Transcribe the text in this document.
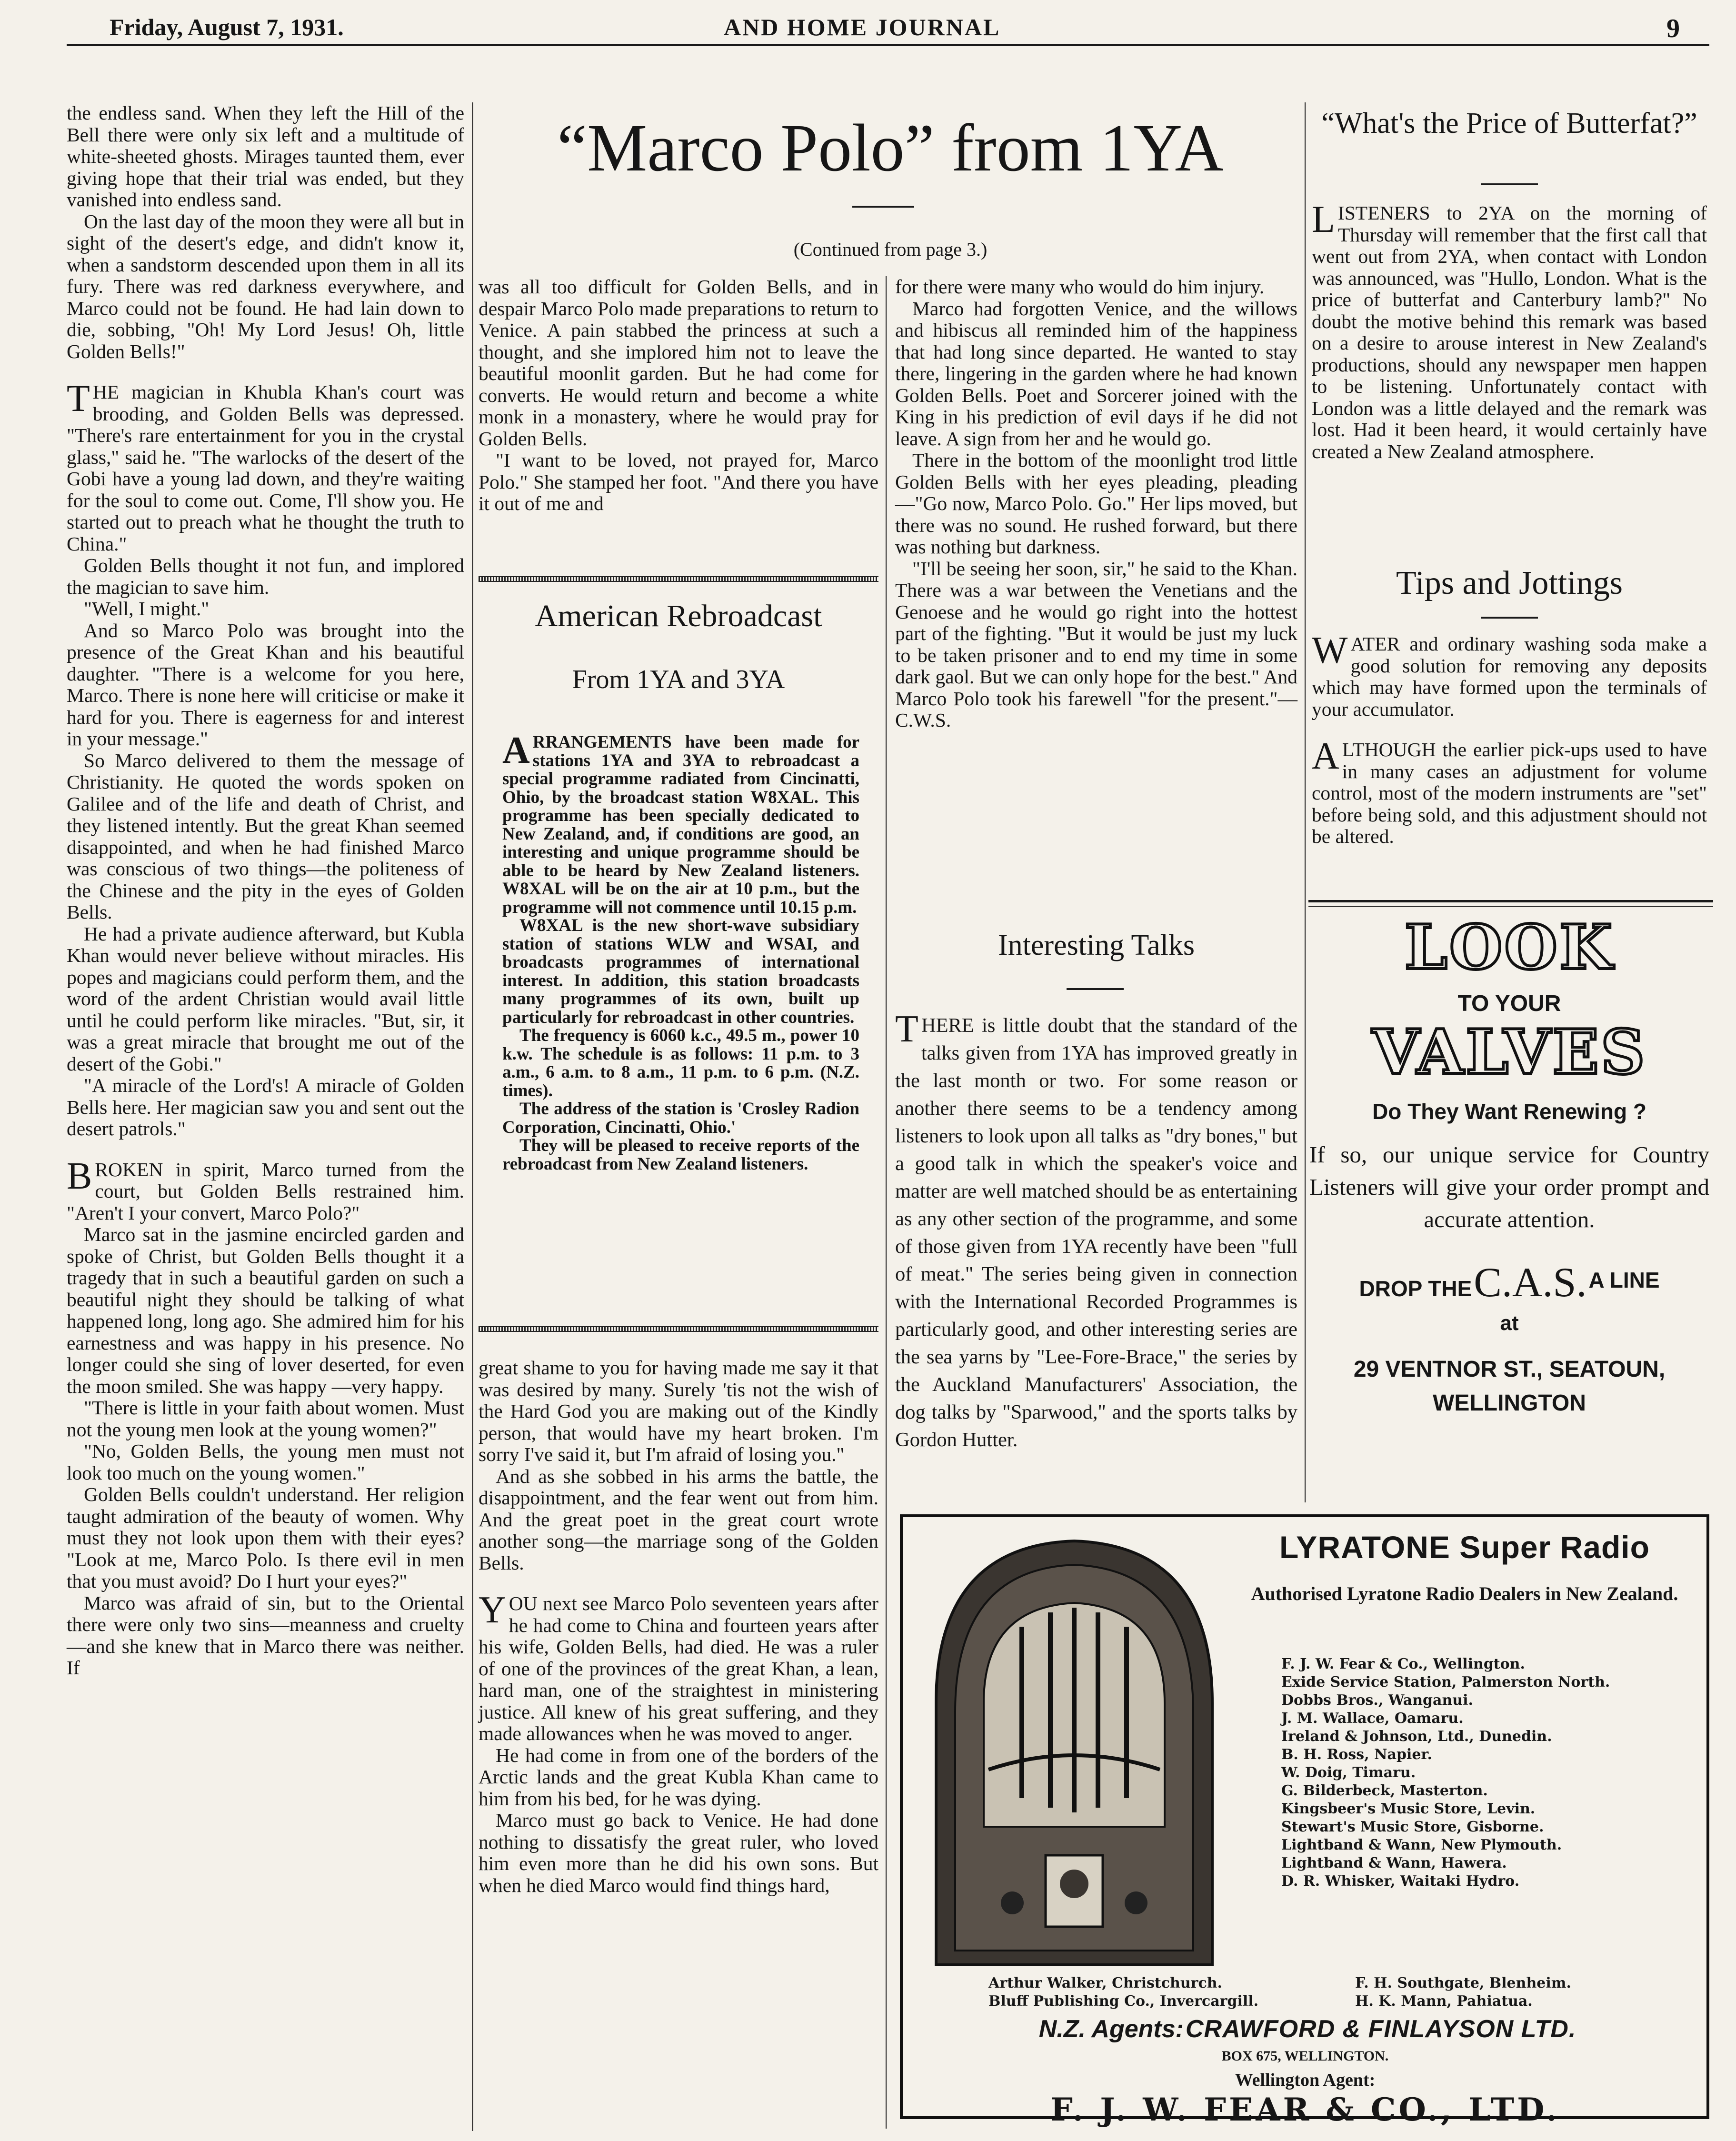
Friday, August 7, 1931.	AND HOME JOURNAL	9

the endless sand. When they left the Hill of the Bell there were only six left and a multitude of white-sheeted ghosts. Mirages taunted them, ever giving hope that their trial was ended, but they vanished into endless sand.

On the last day of the moon they were all but in sight of the desert's edge, and didn't know it, when a sandstorm descended upon them in all its fury. There was red darkness everywhere, and Marco could not be found. He had lain down to die, sobbing, "Oh! My Lord Jesus! Oh, little Golden Bells!"

THE magician in Khubla Khan's court was brooding, and Golden Bells was depressed. "There's rare entertainment for you in the crystal glass," said he. "The warlocks of the desert of the Gobi have a young lad down, and they're waiting for the soul to come out. Come, I'll show you. He started out to preach what he thought the truth to China."

Golden Bells thought it not fun, and implored the magician to save him.

"Well, I might."

And so Marco Polo was brought into the presence of the Great Khan and his beautiful daughter. "There is a welcome for you here, Marco. There is none here will criticise or make it hard for you. There is eagerness for and interest in your message."

So Marco delivered to them the message of Christianity. He quoted the words spoken on Galilee and of the life and death of Christ, and they listened intently. But the great Khan seemed disappointed, and when he had finished Marco was conscious of two things—the politeness of the Chinese and the pity in the eyes of Golden Bells.

He had a private audience afterward, but Kubla Khan would never believe without miracles. His popes and magicians could perform them, and the word of the ardent Christian would avail little until he could perform like miracles. "But, sir, it was a great miracle that brought me out of the desert of the Gobi."

"A miracle of the Lord's! A miracle of Golden Bells here. Her magician saw you and sent out the desert patrols."

BROKEN in spirit, Marco turned from the court, but Golden Bells restrained him. "Aren't I your convert, Marco Polo?"

Marco sat in the jasmine encircled garden and spoke of Christ, but Golden Bells thought it a tragedy that in such a beautiful garden on such a beautiful night they should be talking of what happened long, long ago. She admired him for his earnestness and was happy in his presence. No longer could she sing of lover deserted, for even the moon smiled. She was happy —very happy.

"There is little in your faith about women. Must not the young men look at the young women?"

"No, Golden Bells, the young men must not look too much on the young women."

Golden Bells couldn't understand. Her religion taught admiration of the beauty of women. Why must they not look upon them with their eyes? "Look at me, Marco Polo. Is there evil in men that you must avoid? Do I hurt your eyes?"

Marco was afraid of sin, but to the Oriental there were only two sins—meanness and cruelty—and she knew that in Marco there was neither. If

“Marco Polo” from 1YA
(Continued from page 3.)

was all too difficult for Golden Bells, and in despair Marco Polo made preparations to return to Venice. A pain stabbed the princess at such a thought, and she implored him not to leave the beautiful moonlit garden. But he had come for converts. He would return and become a white monk in a monastery, where he would pray for Golden Bells.

"I want to be loved, not prayed for, Marco Polo." She stamped her foot. "And there you have it out of me and

for there were many who would do him injury.

Marco had forgotten Venice, and the willows and hibiscus all reminded him of the happiness that had long since departed. He wanted to stay there, lingering in the garden where he had known Golden Bells. Poet and Sorcerer joined with the King in his prediction of evil days if he did not leave. A sign from her and he would go.

There in the bottom of the moonlight trod little Golden Bells with her eyes pleading, pleading—"Go now, Marco Polo. Go." Her lips moved, but there was no sound. He rushed forward, but there was nothing but darkness.

"I'll be seeing her soon, sir," he said to the Khan. There was a war between the Venetians and the Genoese and he would go right into the hottest part of the fighting. "But it would be just my luck to be taken prisoner and to end my time in some dark gaol. But we can only hope for the best." And Marco Polo took his farewell "for the present."—C.W.S.

American Rebroadcast
From 1YA and 3YA

ARRANGEMENTS have been made for stations 1YA and 3YA to rebroadcast a special programme radiated from Cincinatti, Ohio, by the broadcast station W8XAL. This programme has been specially dedicated to New Zealand, and, if conditions are good, an interesting and unique programme should be able to be heard by New Zealand listeners. W8XAL will be on the air at 10 p.m., but the programme will not commence until 10.15 p.m.

W8XAL is the new short-wave subsidiary station of stations WLW and WSAI, and broadcasts programmes of international interest. In addition, this station broadcasts many programmes of its own, built up particularly for rebroadcast in other countries.

The frequency is 6060 k.c., 49.5 m., power 10 k.w. The schedule is as follows: 11 p.m. to 3 a.m., 6 a.m. to 8 a.m., 11 p.m. to 6 p.m. (N.Z. times).

The address of the station is 'Crosley Radion Corporation, Cincinatti, Ohio.'

They will be pleased to receive reports of the rebroadcast from New Zealand listeners.

great shame to you for having made me say it that was desired by many. Surely 'tis not the wish of the Hard God you are making out of the Kindly person, that would have my heart broken. I'm sorry I've said it, but I'm afraid of losing you."

And as she sobbed in his arms the battle, the disappointment, and the fear went out from him. And the great poet in the great court wrote another song—the marriage song of the Golden Bells.

YOU next see Marco Polo seventeen years after he had come to China and fourteen years after his wife, Golden Bells, had died. He was a ruler of one of the provinces of the great Khan, a lean, hard man, one of the straightest in ministering justice. All knew of his great suffering, and they made allowances when he was moved to anger.

He had come in from one of the borders of the Arctic lands and the great Kubla Khan came to him from his bed, for he was dying.

Marco must go back to Venice. He had done nothing to dissatisfy the great ruler, who loved him even more than he did his own sons. But when he died Marco would find things hard,

Interesting Talks

THERE is little doubt that the standard of the talks given from 1YA has improved greatly in the last month or two. For some reason or another there seems to be a tendency among listeners to look upon all talks as "dry bones," but a good talk in which the speaker's voice and matter are well matched should be as entertaining as any other section of the programme, and some of those given from 1YA recently have been "full of meat." The series being given in connection with the International Recorded Programmes is particularly good, and other interesting series are the sea yarns by "Lee-Fore-Brace," the series by the Auckland Manufacturers' Association, the dog talks by "Sparwood," and the sports talks by Gordon Hutter.

“What's the Price of Butterfat?”

LISTENERS to 2YA on the morning of Thursday will remember that the first call that went out from 2YA, when contact with London was announced, was "Hullo, London. What is the price of butterfat and Canterbury lamb?" No doubt the motive behind this remark was based on a desire to arouse interest in New Zealand's productions, should any newspaper men happen to be listening. Unfortunately contact with London was a little delayed and the remark was lost. Had it been heard, it would certainly have created a New Zealand atmosphere.

Tips and Jottings

WATER and ordinary washing soda make a good solution for removing any deposits which may have formed upon the terminals of your accumulator.

ALTHOUGH the earlier pick-ups used to have in many cases an adjustment for volume control, most of the modern instruments are "set" before being sold, and this adjustment should not be altered.

LOOK
TO YOUR
VALVES
Do They Want Renewing ?
If so, our unique service for Country Listeners will give your order prompt and accurate attention.
DROP THE C.A.S. A LINE
at
29 VENTNOR ST., SEATOUN,
WELLINGTON
LYRATONE Super Radio
Authorised Lyratone Radio Dealers in New Zealand.
F. J. W. Fear & Co., Wellington.
Exide Service Station, Palmerston North.
Dobbs Bros., Wanganui.
J. M. Wallace, Oamaru.
Ireland & Johnson, Ltd., Dunedin.
B. H. Ross, Napier.
W. Doig, Timaru.
G. Bilderbeck, Masterton.
Kingsbeer's Music Store, Levin.
Stewart's Music Store, Gisborne.
Lightband & Wann, New Plymouth.
Lightband & Wann, Hawera.
D. R. Whisker, Waitaki Hydro.
Arthur Walker, Christchurch.
Bluff Publishing Co., Invercargill.
F. H. Southgate, Blenheim.
H. K. Mann, Pahiatua.
N.Z. Agents: CRAWFORD & FINLAYSON LTD.
BOX 675, WELLINGTON.
Wellington Agent:
F. J. W. FEAR & CO., LTD.
